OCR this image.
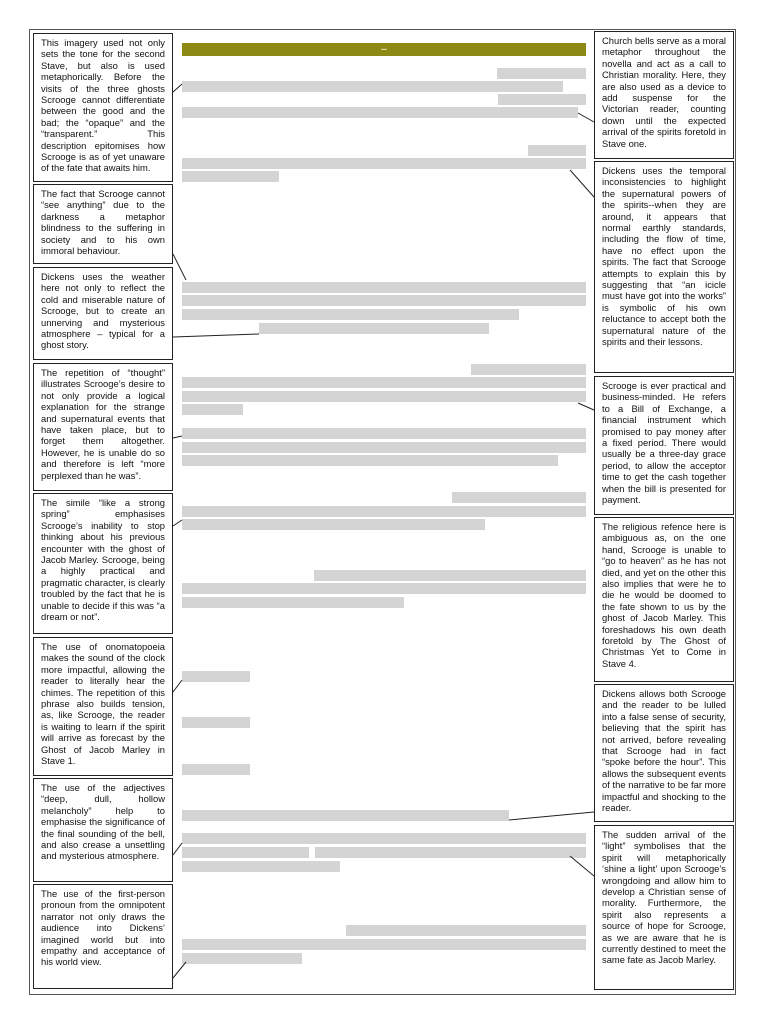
–
This imagery used not only sets the tone for the second Stave, but also is used metaphorically. Before the visits of the three ghosts Scrooge cannot differentiate between the good and the bad; the “opaque” and the “transparent.” This description epitomises how Scrooge is as of yet unaware of the fate that awaits him.
The fact that Scrooge cannot “see anything” due to the darkness a metaphor blindness to the suffering in society and to his own immoral behaviour.
Dickens uses the weather here not only to reflect the cold and miserable nature of Scrooge, but to create an unnerving and mysterious atmosphere – typical for a ghost story.
The repetition of “thought” illustrates Scrooge’s desire to not only provide a logical explanation for the strange and supernatural events that have taken place, but to forget them altogether. However, he is unable do so and therefore is left “more perplexed than he was”.
The simile “like a strong spring” emphasises Scrooge’s inability to stop thinking about his previous encounter with the ghost of Jacob Marley. Scrooge, being a highly practical and pragmatic character, is clearly troubled by the fact that he is unable to decide if this was “a dream or not”.
The use of onomatopoeia makes the sound of the clock more impactful, allowing the reader to literally hear the chimes. The repetition of this phrase also builds tension, as, like Scrooge, the reader is waiting to learn if the spirit will arrive as forecast by the Ghost of Jacob Marley in Stave 1.
The use of the adjectives “deep, dull, hollow melancholy” help to emphasise the significance of the final sounding of the bell, and also crease a unsettling and mysterious atmosphere.
The use of the first-person pronoun from the omnipotent narrator not only draws the audience into Dickens’ imagined world but into empathy and acceptance of his world view.
Church bells serve as a moral metaphor throughout the novella and act as a call to Christian morality. Here, they are also used as a device to add suspense for the Victorian reader, counting down until the expected arrival of the spirits foretold in Stave one.
Dickens uses the temporal inconsistencies to highlight the supernatural powers of the spirits--when they are around, it appears that normal earthly standards, including the flow of time, have no effect upon the spirits. The fact that Scrooge attempts to explain this by suggesting that “an icicle must have got into the works” is symbolic of his own reluctance to accept both the supernatural nature of the spirits and their lessons.
Scrooge is ever practical and business-minded. He refers to a Bill of Exchange, a financial instrument which promised to pay money after a fixed period. There would usually be a three-day grace period, to allow the acceptor time to get the cash together when the bill is presented for payment.
The religious refence here is ambiguous as, on the one hand, Scrooge is unable to “go to heaven” as he has not died, and yet on the other this also implies that were he to die he would be doomed to the fate shown to us by the ghost of Jacob Marley. This foreshadows his own death foretold by The Ghost of Christmas Yet to Come in Stave 4.
Dickens allows both Scrooge and the reader to be lulled into a false sense of security, believing that the spirit has not arrived, before revealing that Scrooge had in fact “spoke before the hour”. This allows the subsequent events of the narrative to be far more impactful and shocking to the reader.
The sudden arrival of the “light” symbolises that the spirit will metaphorically ‘shine a light’ upon Scrooge’s wrongdoing and allow him to develop a Christian sense of morality. Furthermore, the spirit also represents a source of hope for Scrooge, as we are aware that he is currently destined to meet the same fate as Jacob Marley.
